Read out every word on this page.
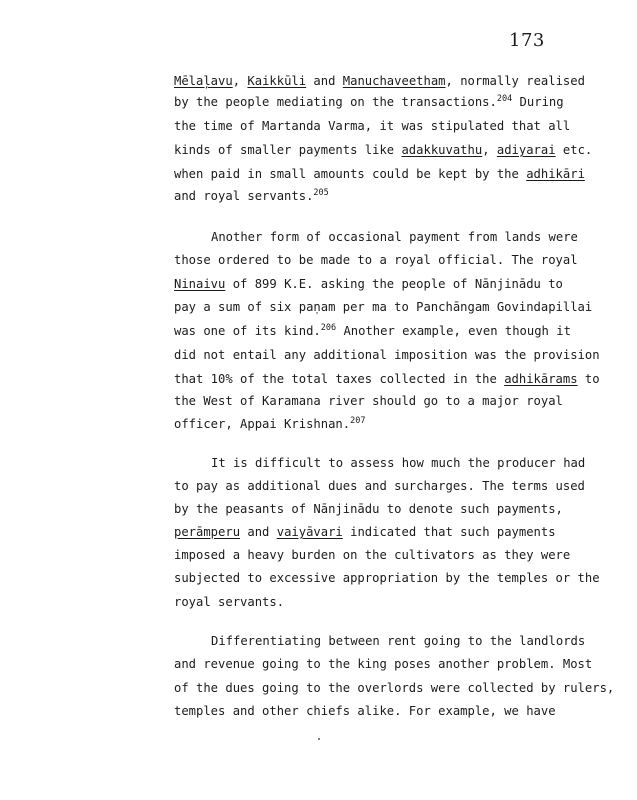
173
Mēlaļavu, Kaikkūli and Manuchaveetham, normally realised
by the people mediating on the transactions.$^{204}$ During
the time of Martanda Varma, it was stipulated that all
kinds of smaller payments like adakkuvathu, adiyarai etc.
when paid in small amounts could be kept by the adhikāri
and royal servants.$^{205}$
Another form of occasional payment from lands were
those ordered to be made to a royal official. The royal
Ninaivu of 899 K.E. asking the people of Nānjinādu to
pay a sum of six paṇam per ma to Panchāngam Govindapillai
was one of its kind.$^{206}$ Another example, even though it
did not entail any additional imposition was the provision
that 10% of the total taxes collected in the adhikārams to
the West of Karamana river should go to a major royal
officer, Appai Krishnan.$^{207}$
It is difficult to assess how much the producer had
to pay as additional dues and surcharges. The terms used
by the peasants of Nānjinādu to denote such payments,
perāmperu and vaiyāvari indicated that such payments
imposed a heavy burden on the cultivators as they were
subjected to excessive appropriation by the temples or the
royal servants.
Differentiating between rent going to the landlords
and revenue going to the king poses another problem. Most
of the dues going to the overlords were collected by rulers,
temples and other chiefs alike. For example, we have
